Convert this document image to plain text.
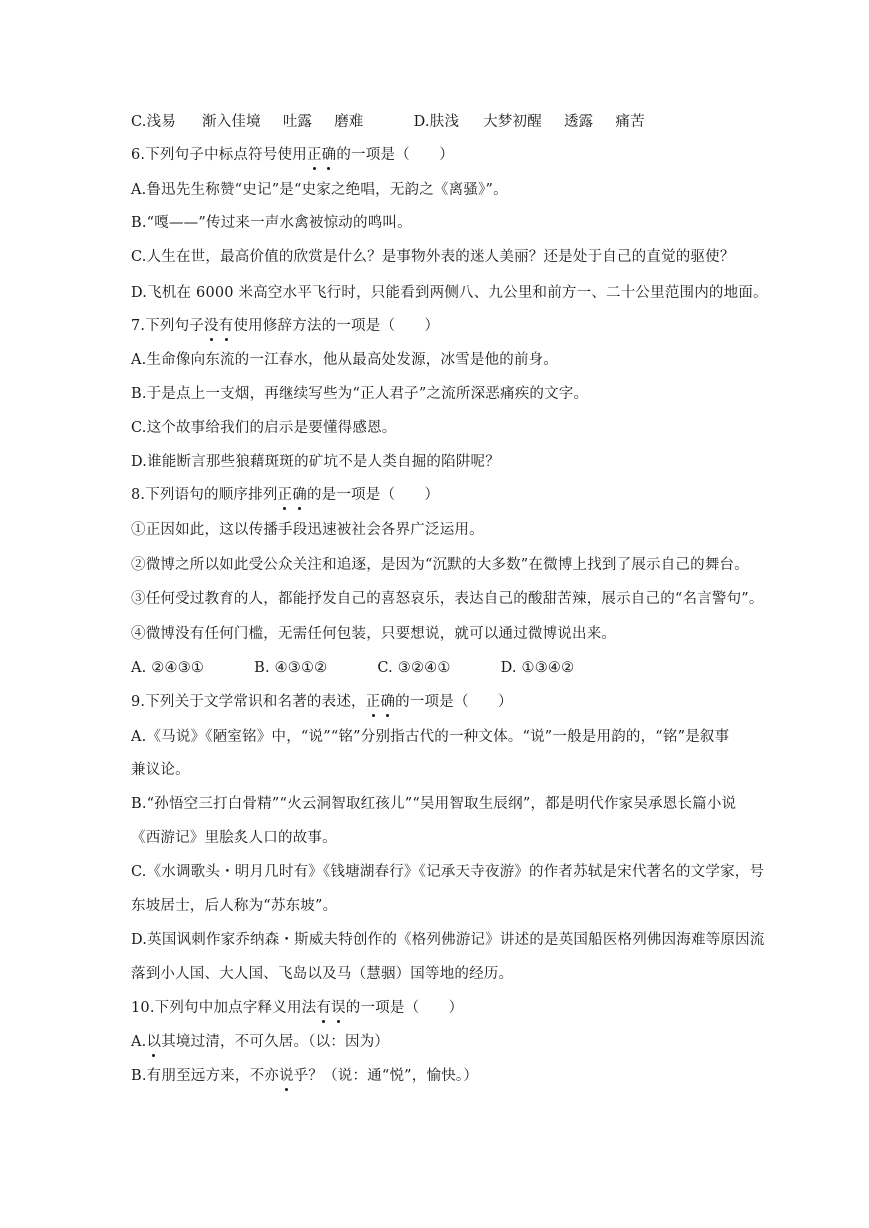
C.浅易 渐入佳境 吐露 磨难	D.肤浅 大梦初醒 透露 痛苦
6.下列句子中标点符号使用正确的一项是（　　）
A.鲁迅先生称赞“史记”是“史家之绝唱，无韵之《离骚》”。
B.“嘎——”传过来一声水禽被惊动的鸣叫。
C.人生在世，最高价值的欣赏是什么？是事物外表的迷人美丽？还是处于自己的直觉的驱使？
D.飞机在 6000 米高空水平飞行时，只能看到两侧八、九公里和前方一、二十公里范围内的地面。
7.下列句子没有使用修辞方法的一项是（　　）
A.生命像向东流的一江春水，他从最高处发源，冰雪是他的前身。
B.于是点上一支烟，再继续写些为“正人君子”之流所深恶痛疾的文字。
C.这个故事给我们的启示是要懂得感恩。
D.谁能断言那些狼藉斑斑的矿坑不是人类自掘的陷阱呢？
8.下列语句的顺序排列正确的是一项是（　　）
①正因如此，这以传播手段迅速被社会各界广泛运用。
②微博之所以如此受公众关注和追逐，是因为“沉默的大多数”在微博上找到了展示自己的舞台。
③任何受过教育的人，都能抒发自己的喜怒哀乐，表达自己的酸甜苦辣，展示自己的“名言警句”。
④微博没有任何门槛，无需任何包装，只要想说，就可以通过微博说出来。
A. ②④③①	B. ④③①②	C. ③②④①	D. ①③④②
9.下列关于文学常识和名著的表述，正确的一项是（　　）
A.《马说》《陋室铭》中，“说”“铭”分别指古代的一种文体。“说”一般是用韵的，“铭”是叙事
兼议论。
B.“孙悟空三打白骨精”“火云洞智取红孩儿”“吴用智取生辰纲”，都是明代作家吴承恩长篇小说
《西游记》里脍炙人口的故事。
C.《水调歌头・明月几时有》《钱塘湖春行》《记承天寺夜游》的作者苏轼是宋代著名的文学家，号
东坡居士，后人称为“苏东坡”。
D.英国讽刺作家乔纳森・斯威夫特创作的《格列佛游记》讲述的是英国船医格列佛因海难等原因流
落到小人国、大人国、飞岛以及马（慧骃）国等地的经历。
10.下列句中加点字释义用法有误的一项是（　　）
A.以其境过清，不可久居。（以：因为）
B.有朋至远方来，不亦说乎？（说：通“悦”，愉快。）
